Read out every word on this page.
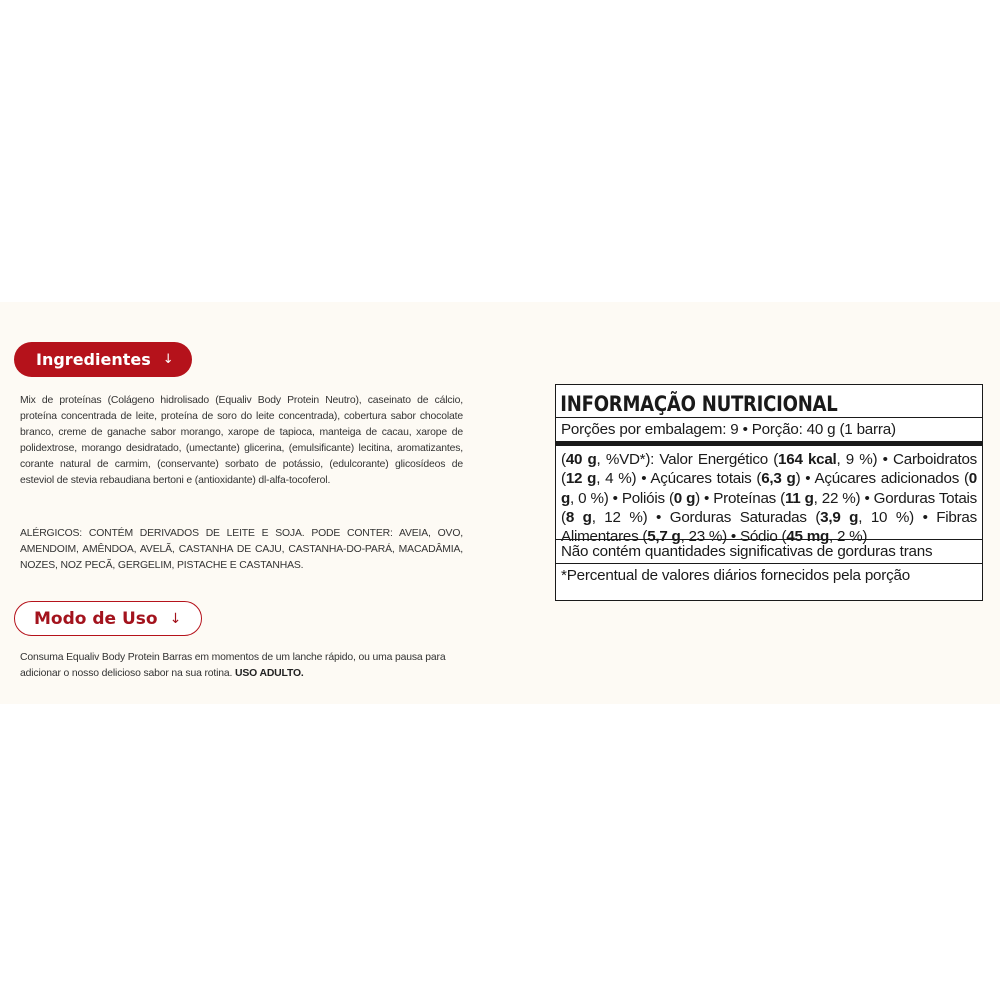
Ingredientes ↓
Mix de proteínas (Colágeno hidrolisado (Equaliv Body Protein Neutro), caseinato de cálcio, proteína concentrada de leite, proteína de soro do leite concentrada), cobertura sabor chocolate branco, creme de ganache sabor morango, xarope de tapioca, manteiga de cacau, xarope de polidextrose, morango desidratado, (umectante) glicerina, (emulsificante) lecitina, aromatizantes, corante natural de carmim, (conservante) sorbato de potássio, (edulcorante) glicosídeos de esteviol de stevia rebaudiana bertoni e (antioxidante) dl-alfa-tocoferol.
ALÉRGICOS: CONTÉM DERIVADOS DE LEITE E SOJA. PODE CONTER: AVEIA, OVO, AMENDOIM, AMÊNDOA, AVELÃ, CASTANHA DE CAJU, CASTANHA-DO-PARÁ, MACADÂMIA, NOZES, NOZ PECÃ, GERGELIM, PISTACHE E CASTANHAS.
Modo de Uso ↓
Consuma Equaliv Body Protein Barras em momentos de um lanche rápido, ou uma pausa para adicionar o nosso delicioso sabor na sua rotina. USO ADULTO.
INFORMAÇÃO NUTRICIONAL
Porções por embalagem: 9 • Porção: 40 g (1 barra)
(40 g, %VD*): Valor Energético (164 kcal, 9 %) • Carboidratos (12 g, 4 %) • Açúcares totais (6,3 g) • Açúcares adicionados (0 g, 0 %) • Polióis (0 g) • Proteínas (11 g, 22 %) • Gorduras Totais (8 g, 12 %) • Gorduras Saturadas (3,9 g, 10 %) • Fibras Alimentares (5,7 g, 23 %) • Sódio (45 mg, 2 %)
Não contém quantidades significativas de gorduras trans
*Percentual de valores diários fornecidos pela porção
